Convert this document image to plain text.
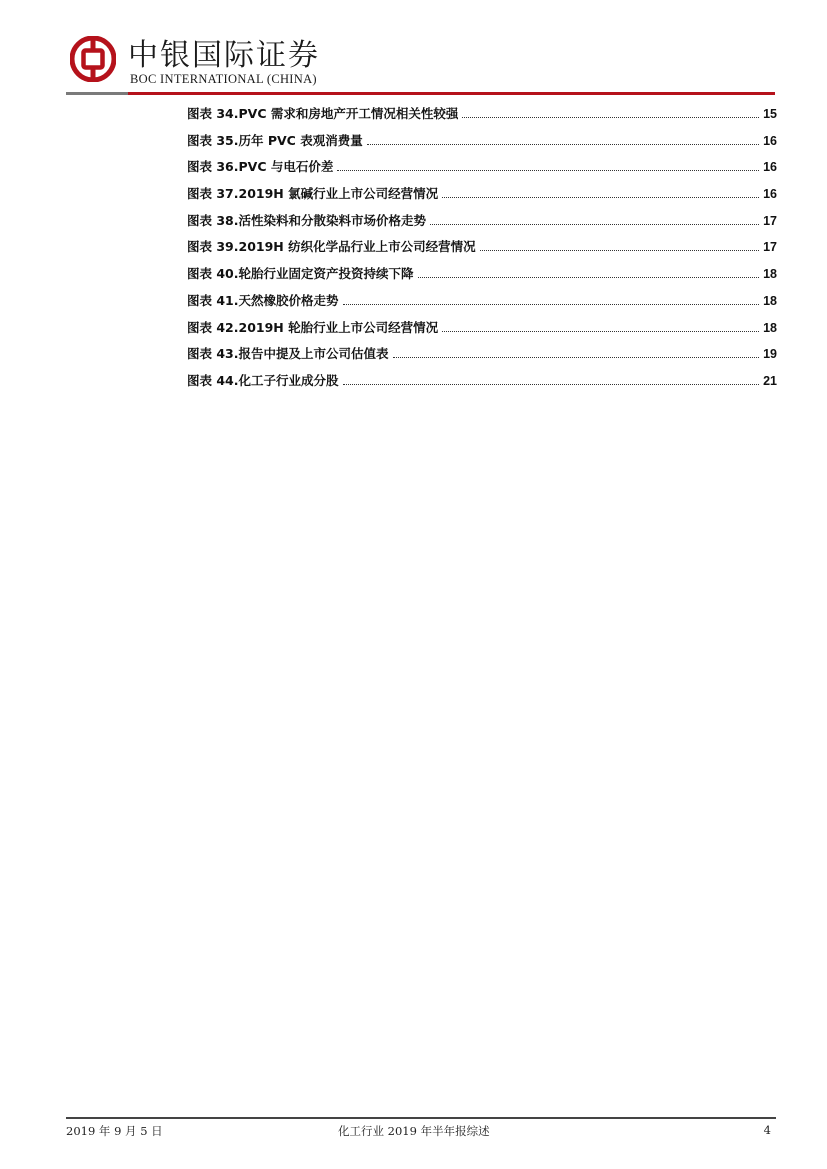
中银国际证券
BOC INTERNATIONAL (CHINA)
图表 34.PVC 需求和房地产开工情况相关性较强	15
图表 35.历年 PVC 表观消费量	16
图表 36.PVC 与电石价差	16
图表 37.2019H 氯碱行业上市公司经营情况	16
图表 38.活性染料和分散染料市场价格走势	17
图表 39.2019H 纺织化学品行业上市公司经营情况	17
图表 40.轮胎行业固定资产投资持续下降	18
图表 41.天然橡胶价格走势	18
图表 42.2019H 轮胎行业上市公司经营情况	18
图表 43.报告中提及上市公司估值表	19
图表 44.化工子行业成分股	21
2019 年 9 月 5 日	化工行业 2019 年半年报综述	4
